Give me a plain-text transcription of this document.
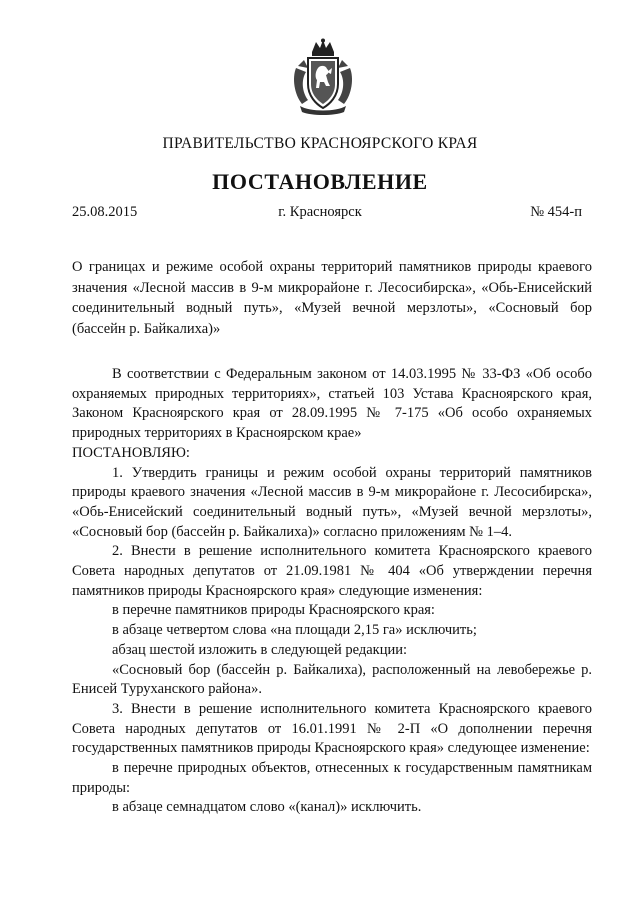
ПРАВИТЕЛЬСТВО КРАСНОЯРСКОГО КРАЯ
ПОСТАНОВЛЕНИЕ
25.08.2015	г. Красноярск	№ 454-п
О границах и режиме особой охраны территорий памятников природы краевого значения «Лесной массив в 9-м микрорайоне г. Лесосибирска», «Обь-Енисейский соединительный водный путь», «Музей вечной мерзлоты», «Сосновый бор (бассейн р. Байкалиха)»

В соответствии с Федеральным законом от 14.03.1995 № 33-ФЗ «Об особо охраняемых природных территориях», статьей 103 Устава Красноярского края, Законом Красноярского края от 28.09.1995 № 7-175 «Об особо охраняемых природных территориях в Красноярском крае»

ПОСТАНОВЛЯЮ:

1. Утвердить границы и режим особой охраны территорий памятников природы краевого значения «Лесной массив в 9-м микрорайоне г. Лесосибирска», «Обь-Енисейский соединительный водный путь», «Музей вечной мерзлоты», «Сосновый бор (бассейн р. Байкалиха)» согласно приложениям № 1–4.

2. Внести в решение исполнительного комитета Красноярского краевого Совета народных депутатов от 21.09.1981 № 404 «Об утверждении перечня памятников природы Красноярского края» следующие изменения:

в перечне памятников природы Красноярского края:

в абзаце четвертом слова «на площади 2,15 га» исключить;

абзац шестой изложить в следующей редакции:

«Сосновый бор (бассейн р. Байкалиха), расположенный на левобережье р. Енисей Туруханского района».

3. Внести в решение исполнительного комитета Красноярского краевого Совета народных депутатов от 16.01.1991 № 2-П «О дополнении перечня государственных памятников природы Красноярского края» следующее изменение:

в перечне природных объектов, отнесенных к государственным памятникам природы:

в абзаце семнадцатом слово «(канал)» исключить.
